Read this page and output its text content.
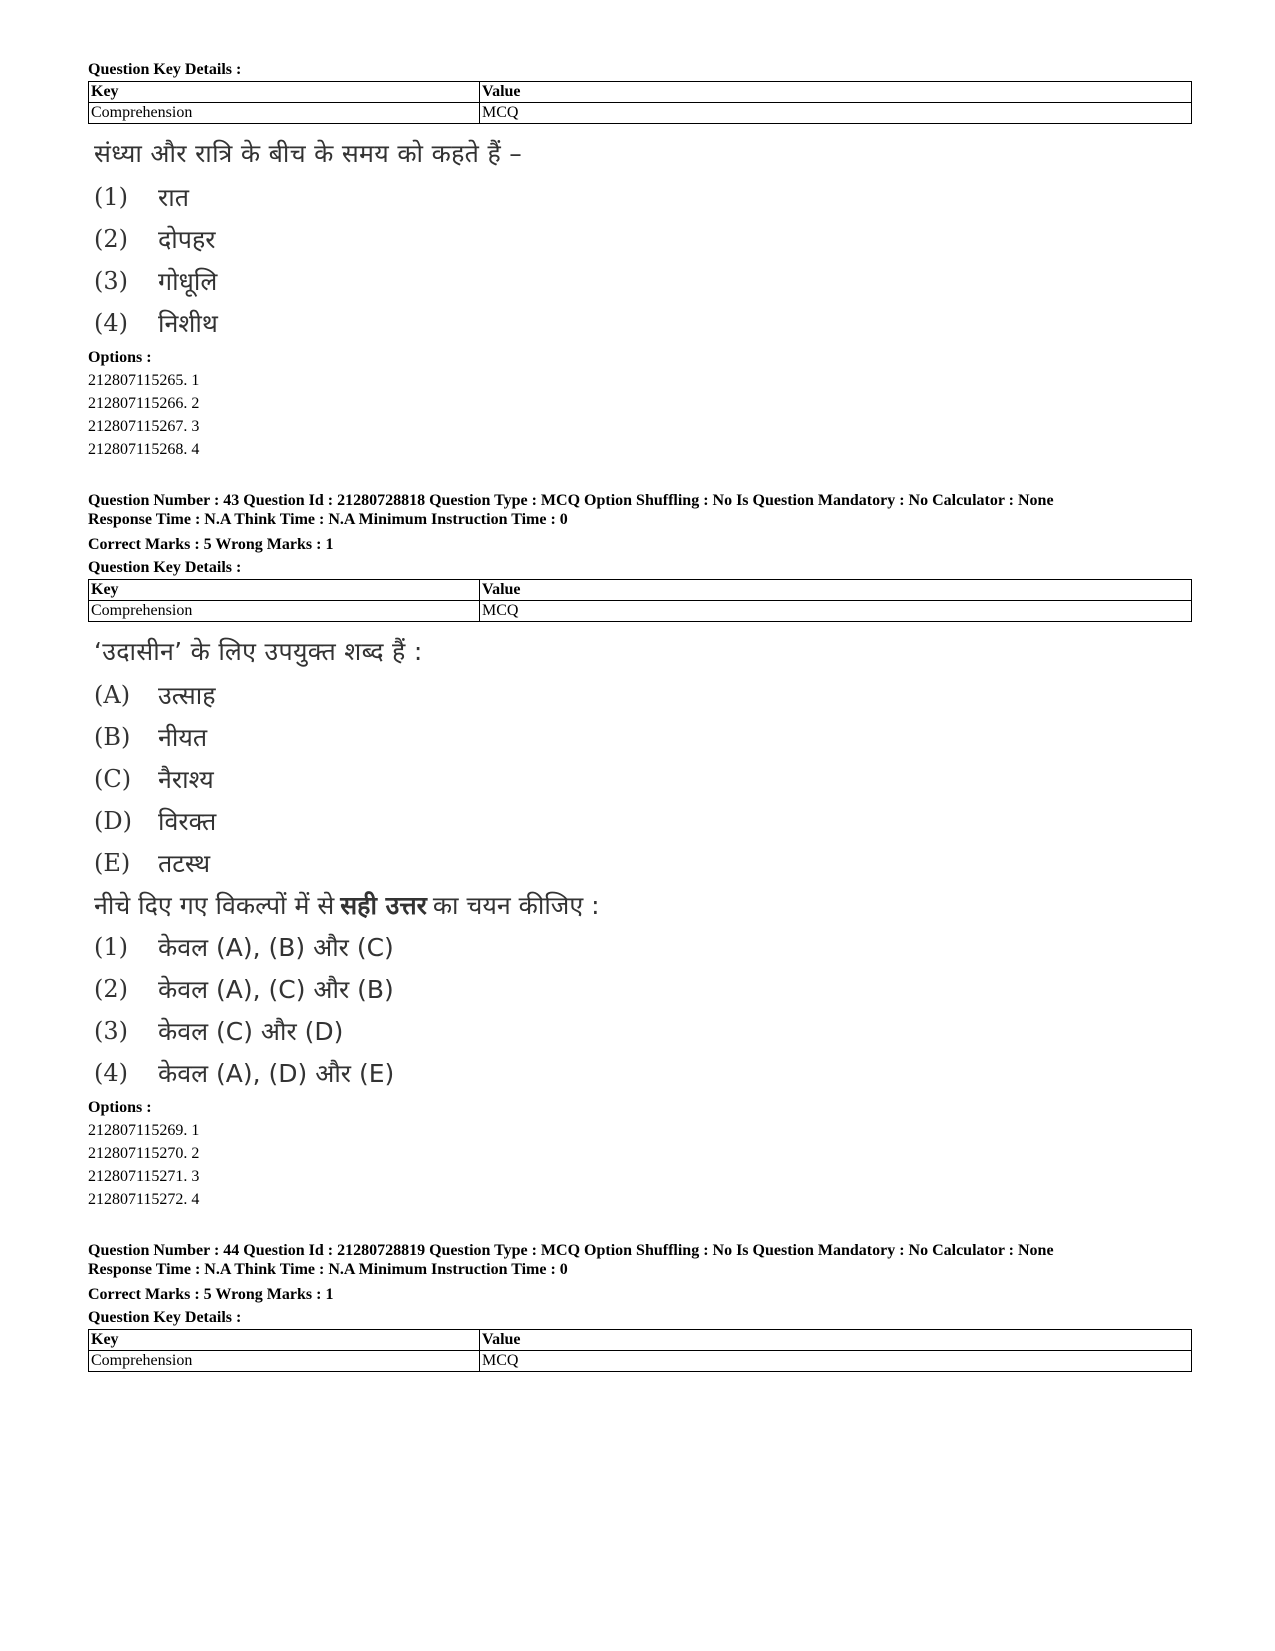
Question Key Details :
Key	Value
Comprehension	MCQ
संध्या और रात्रि के बीच के समय को कहते हैं –
(1)	रात
(2)	दोपहर
(3)	गोधूलि
(4)	निशीथ
Options :
212807115265. 1
212807115266. 2
212807115267. 3
212807115268. 4
Question Number : 43 Question Id : 21280728818 Question Type : MCQ Option Shuffling : No Is Question Mandatory : No Calculator : None
Response Time : N.A Think Time : N.A Minimum Instruction Time : 0
Correct Marks : 5 Wrong Marks : 1
Question Key Details :
Key	Value
Comprehension	MCQ
‘उदासीन’ के लिए उपयुक्त शब्द हैं :
(A)	उत्साह
(B)	नीयत
(C)	नैराश्य
(D)	विरक्त
(E)	तटस्थ
नीचे दिए गए विकल्पों में से सही उत्तर का चयन कीजिए :
(1)	केवल (A), (B) और (C)
(2)	केवल (A), (C) और (B)
(3)	केवल (C) और (D)
(4)	केवल (A), (D) और (E)
Options :
212807115269. 1
212807115270. 2
212807115271. 3
212807115272. 4
Question Number : 44 Question Id : 21280728819 Question Type : MCQ Option Shuffling : No Is Question Mandatory : No Calculator : None
Response Time : N.A Think Time : N.A Minimum Instruction Time : 0
Correct Marks : 5 Wrong Marks : 1
Question Key Details :
Key	Value
Comprehension	MCQ
